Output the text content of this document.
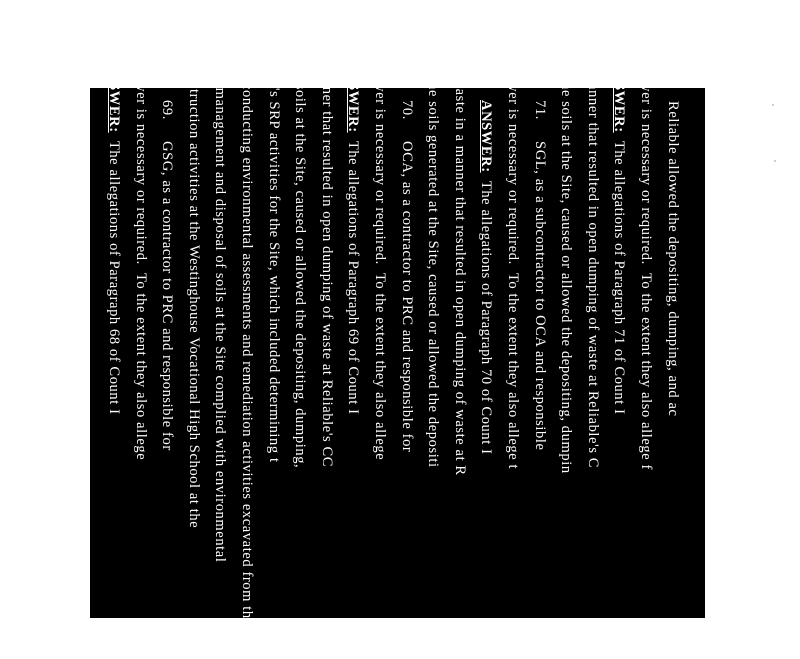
ANSWER:  The allegations of Paragraph 68 of Count I answer is necessary or required.  To the extent they also allege 69.     GSG, as a contractor to PRC and responsible for construction activities at the Westinghouse Vocational High School at the soil management and disposal of soils at the Site complied with environmental for conducting environmental assessments and remediation activities excavated from the Site. EPA's SRP activities for the Site, which included determining t the soils at the Site, caused or allowed the depositing, dumping, manner that resulted in open dumping of waste at Reliable's CC ANSWER:  The allegations of Paragraph 69 of Count I answer is necessary or required.  To the extent they also allege 70.     OCA, as a contractor to PRC and responsible for of the soils generated at the Site, caused or allowed the depositi of waste in a manner that resulted in open dumping of waste at R ANSWER:  The allegations of Paragraph 70 of Count I answer is necessary or required.  To the extent they also allege t 71.     SGL, as a subcontractor to OCA and responsible of the soils at the Site, caused or allowed the depositing, dumpin a manner that resulted in open dumping of waste at Reliable's C ANSWER:  The allegations of Paragraph 71 of Count I answer is necessary or required.  To the extent they also allege f 72.     Reliable allowed the depositing, dumping, and ac
